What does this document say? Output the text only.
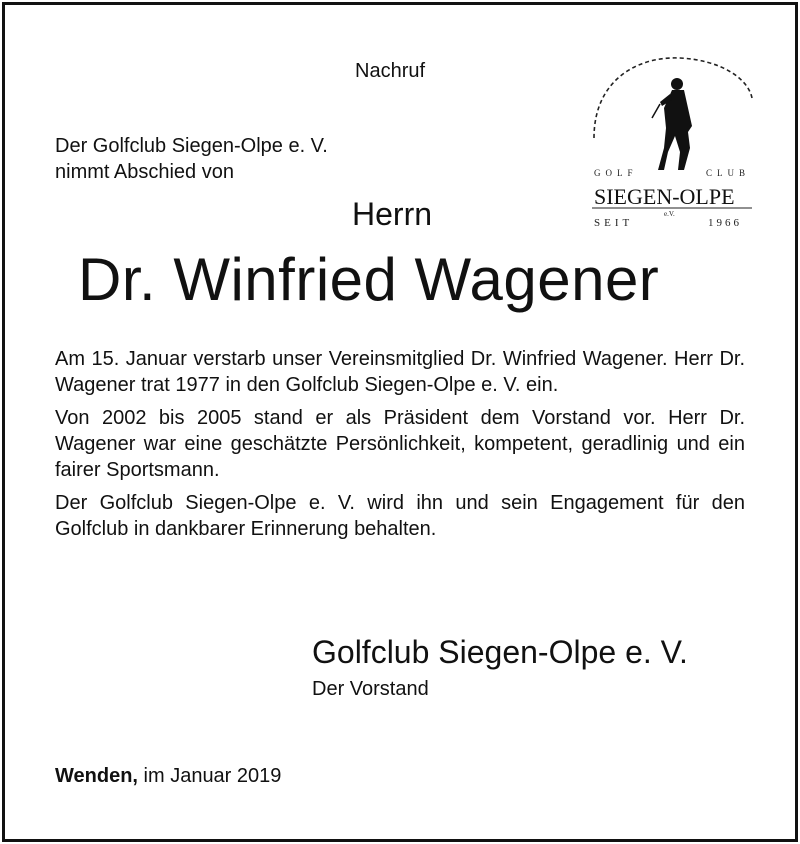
Nachruf
Der Golfclub Siegen-Olpe e. V.
nimmt Abschied von	GOLF	CLUB
SIEGEN-OLPE
e.V.
SEIT	1966
Herrn
Dr. Winfried Wagener

Am 15. Januar verstarb unser Vereinsmitglied Dr. Winfried Wagener. Herr Dr. Wagener trat 1977 in den Golfclub Siegen-Olpe e. V. ein.

Von 2002 bis 2005 stand er als Präsident dem Vorstand vor. Herr Dr. Wagener war eine geschätzte Persönlichkeit, kompetent, geradlinig und ein fairer Sportsmann.

Der Golfclub Siegen-Olpe e. V. wird ihn und sein Engagement für den Golfclub in dankbarer Erinnerung behalten.

Golfclub Siegen-Olpe e. V.
Der Vorstand
Wenden, im Januar 2019
